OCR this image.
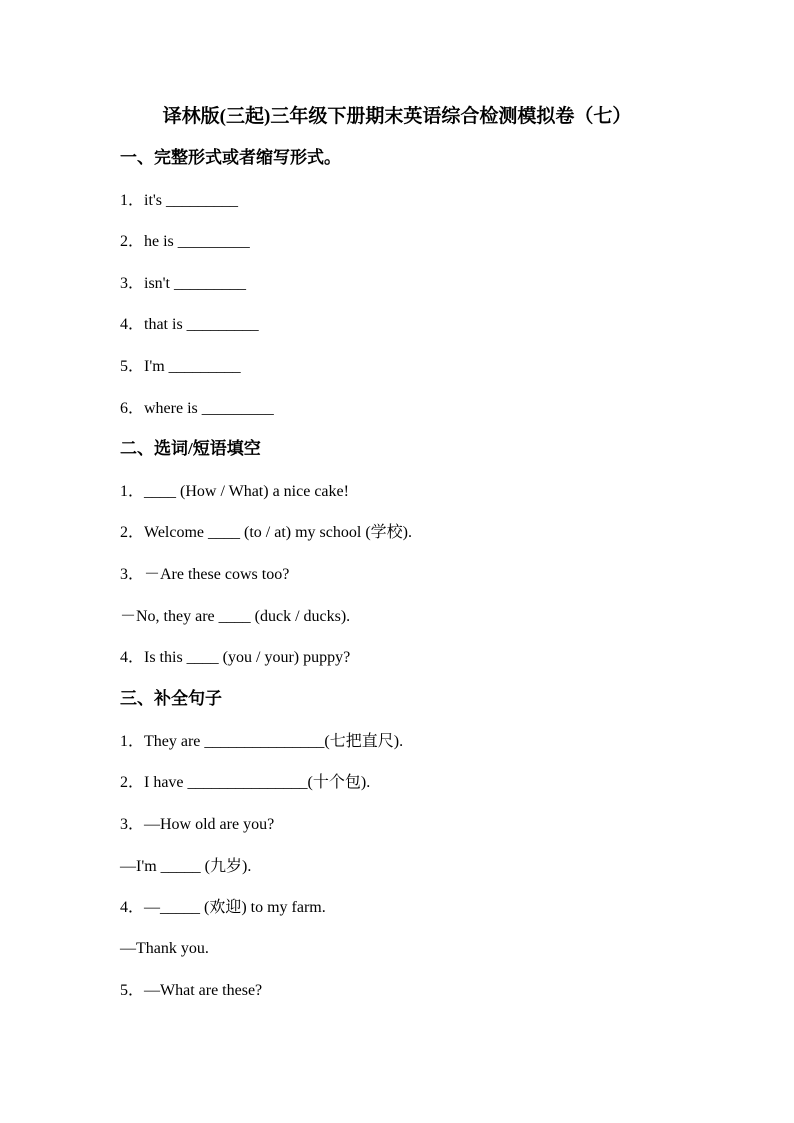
译林版(三起)三年级下册期末英语综合检测模拟卷（七）
一、完整形式或者缩写形式。
1．it's _________
2．he is _________
3．isn't _________
4．that is _________
5．I'm _________
6．where is _________
二、选词/短语填空
1．____ (How / What) a nice cake!
2．Welcome ____ (to / at) my school (学校).
3．－Are these cows too?
－No, they are ____ (duck / ducks).
4．Is this ____ (you / your) puppy?
三、补全句子
1．They are _______________(七把直尺).
2．I have _______________(十个包).
3．—How old are you?
—I'm _____ (九岁).
4．—_____ (欢迎) to my farm.
—Thank you.
5．—What are these?
